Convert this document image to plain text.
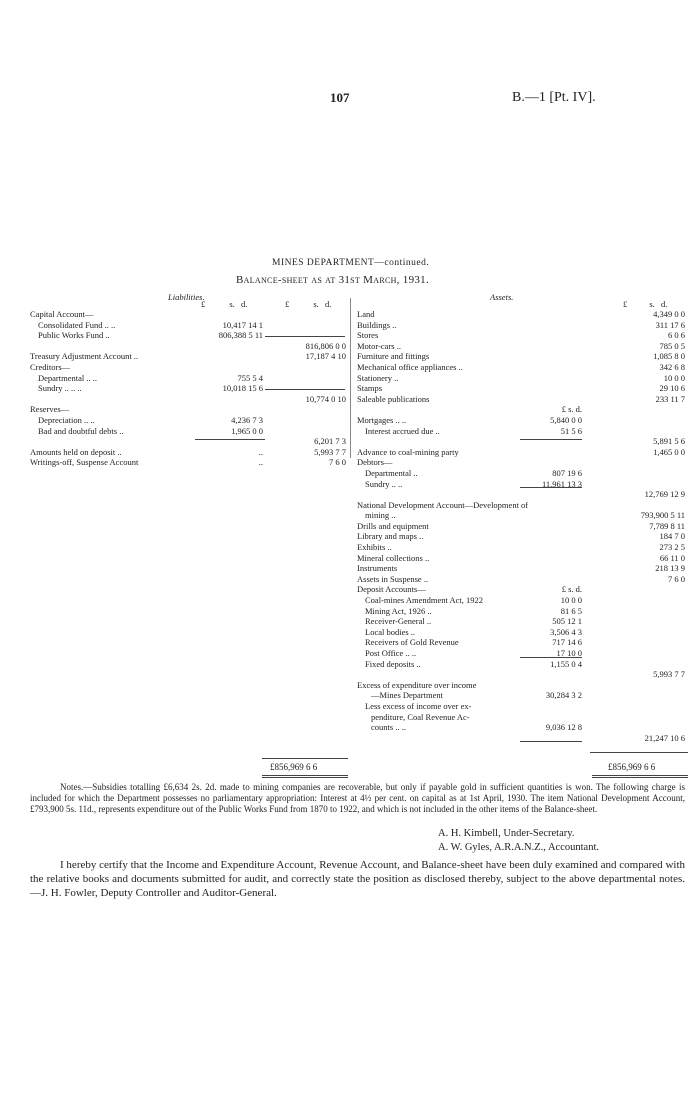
107	B.—1 [Pt. IV].
MINES DEPARTMENT—continued.
Balance-sheet as at 31st March, 1931.
Liabilities.
£	s. d.	£	s. d.
Capital Account—
Consolidated Fund .. ..	10,417 14 1
Public Works Fund ..	806,388 5 11
816,806 0 0
Treasury Adjustment Account ..	17,187 4 10
Creditors—
Departmental .. ..	755 5 4
Sundry .. .. ..	10,018 15 6
10,774 0 10
Reserves—
Depreciation .. ..	4,236 7 3
Bad and doubtful debts ..	1,965 0 0
6,201 7 3
Amounts held on deposit ..	..	5,993 7 7
Writings-off, Suspense Account	..	7 6 0
Assets.
£	s. d.
Land	4,349 0 0
Buildings ..	311 17 6
Stores	6 0 6
Motor-cars ..	785 0 5
Furniture and fittings	1,085 8 0
Mechanical office appliances ..	342 6 8
Stationery ..	10 0 0
Stamps	29 10 6
Saleable publications	233 11 7
£ s. d.
Mortgages .. ..	5,840 0 0
Interest accrued due ..	51 5 6
5,891 5 6
Advance to coal-mining party	1,465 0 0
Debtors—
Departmental ..	807 19 6
Sundry .. ..	11,961 13 3
12,769 12 9
National Development Account—Development of
mining ..	793,900 5 11
Drills and equipment	7,789 8 11
Library and maps ..	184 7 0
Exhibits ..	273 2 5
Mineral collections ..	66 11 0
Instruments	218 13 9
Assets in Suspense ..	7 6 0
Deposit Accounts—	£ s. d.
Coal-mines Amendment Act, 1922	10 0 0
Mining Act, 1926 ..	81 6 5
Receiver-General ..	505 12 1
Local bodies ..	3,506 4 3
Receivers of Gold Revenue	717 14 6
Post Office .. ..	17 10 0
Fixed deposits ..	1,155 0 4
5,993 7 7
Excess of expenditure over income
—Mines Department	30,284 3 2
Less excess of income over ex-
penditure, Coal Revenue Ac-
counts .. ..	9,036 12 8
21,247 10 6
£856,969 6 6	£856,969 6 6
Notes.—Subsidies totalling £6,634 2s. 2d. made to mining companies are recoverable, but only if payable gold in sufficient quantities is won. The following charge is included for which the Department possesses no parliamentary appropriation: Interest at 4½ per cent. on capital as at 1st April, 1930. The item National Development Account, £793,900 5s. 11d., represents expenditure out of the Public Works Fund from 1870 to 1922, and which is not included in the other items of the Balance-sheet.
A. H. Kimbell, Under-Secretary.
A. W. Gyles, A.R.A.N.Z., Accountant.
I hereby certify that the Income and Expenditure Account, Revenue Account, and Balance-sheet have been duly examined and compared with the relative books and documents submitted for audit, and correctly state the position as disclosed thereby, subject to the above departmental notes.—J. H. Fowler, Deputy Controller and Auditor-General.
